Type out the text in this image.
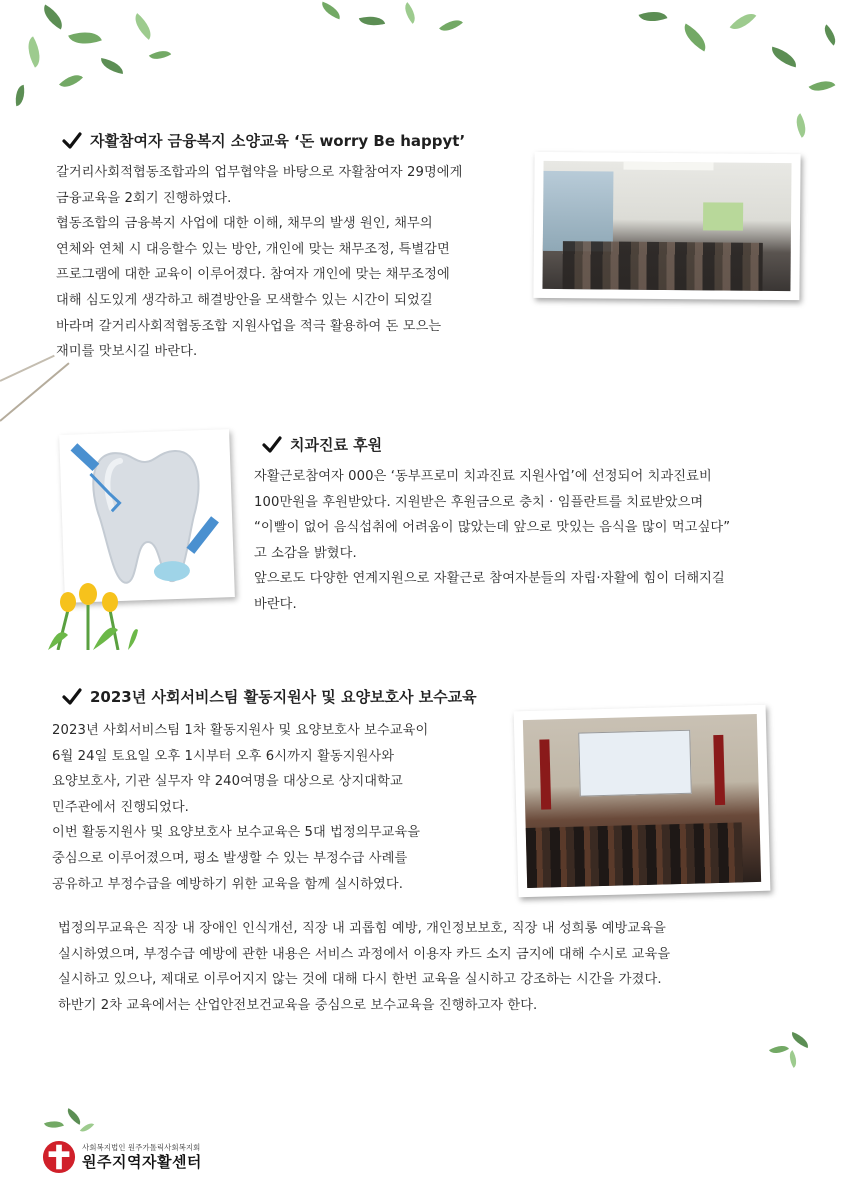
자활참여자 금융복지 소양교육 ‘돈 worry Be happyt’
갈거리사회적협동조합과의 업무협약을 바탕으로 자활참여자 29명에게
금융교육을 2회기 진행하였다.
협동조합의 금융복지 사업에 대한 이해, 채무의 발생 원인, 채무의
연체와 연체 시 대응할수 있는 방안, 개인에 맞는 채무조정, 특별감면
프로그램에 대한 교육이 이루어졌다. 참여자 개인에 맞는 채무조정에
대해 심도있게 생각하고 해결방안을 모색할수 있는 시간이 되었길
바라며 갈거리사회적협동조합 지원사업을 적극 활용하여 돈 모으는
재미를 맛보시길 바란다.
치과진료 후원
자활근로참여자 000은 ‘동부프로미 치과진료 지원사업’에 선정되어 치과진료비
100만원을 후원받았다. 지원받은 후원금으로 충치 · 임플란트를 치료받았으며
“이빨이 없어 음식섭취에 어려움이 많았는데 앞으로 맛있는 음식을 많이 먹고싶다”
고 소감을 밝혔다.
앞으로도 다양한 연계지원으로 자활근로 참여자분들의 자립·자활에 힘이 더해지길
바란다.
2023년 사회서비스팀 활동지원사 및 요양보호사 보수교육
2023년 사회서비스팀 1차 활동지원사 및 요양보호사 보수교육이
6월 24일 토요일 오후 1시부터 오후 6시까지 활동지원사와
요양보호사, 기관 실무자 약 240여명을 대상으로 상지대학교
민주관에서 진행되었다.
이번 활동지원사 및 요양보호사 보수교육은 5대 법정의무교육을
중심으로 이루어졌으며, 평소 발생할 수 있는 부정수급 사례를
공유하고 부정수급을 예방하기 위한 교육을 함께 실시하였다.
법정의무교육은 직장 내 장애인 인식개선, 직장 내 괴롭힘 예방, 개인정보보호, 직장 내 성희롱 예방교육을
실시하였으며, 부정수급 예방에 관한 내용은 서비스 과정에서 이용자 카드 소지 금지에 대해 수시로 교육을
실시하고 있으나, 제대로 이루어지지 않는 것에 대해 다시 한번 교육을 실시하고 강조하는 시간을 가졌다.
하반기 2차 교육에서는 산업안전보건교육을 중심으로 보수교육을 진행하고자 한다.
사회복지법인 원주가톨릭사회복지회
원주지역자활센터
